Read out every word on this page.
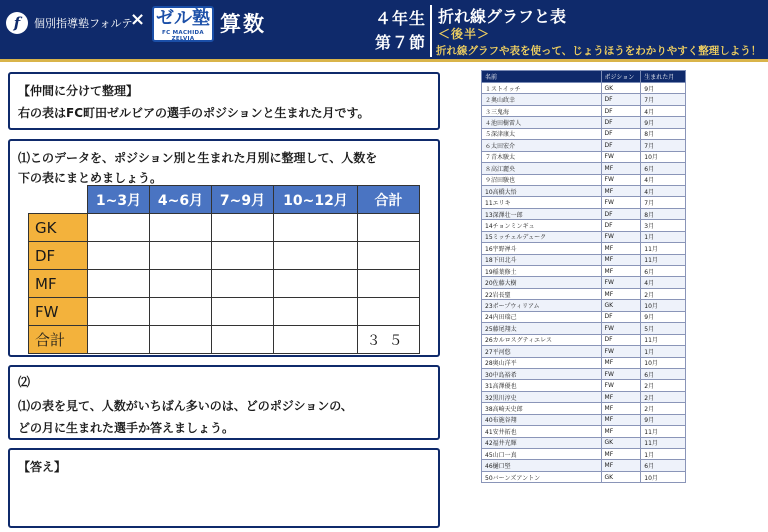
f	個別指導塾フォルテ
× ゼル塾
FC MACHIDA ZELVIA
算数	４年生
第７節
折れ線グラフと表
＜後半＞
折れ線グラフや表を使って、じょうほうをわかりやすく整理しよう！
【仲間に分けて整理】
右の表はFC町田ゼルビアの選手のポジションと生まれた月です。
⑴このデータを、ポジション別と生まれた月別に整理して、人数を
下の表にまとめましょう。
	1~3月	4~6月	7~9月	10~12月	合計
GK					
DF					
MF					
FW					
合計					３５
⑵
⑴の表を見て、人数がいちばん多いのは、どのポジションの、
どの月に生まれた選手か答えましょう。
【答え】
名前	ポジション	生まれた月
１ストイッチ	GK	9月
２奥山政幸	DF	7月
３三鬼海	DF	4月
４池田樹雷人	DF	9月
５深津康太	DF	8月
６太田宏介	DF	7月
７青木駿太	FW	10月
８高江麗央	MF	6月
９沼田駿也	FW	4月
10高橋大悟	MF	4月
11エリキ	FW	7月
13深澤壮一郎	DF	8月
14チョンミンギュ	DF	3月
15ミッチェルデューク	FW	1月
16宇野禅斗	MF	11月
18下田北斗	MF	11月
19稲葉修土	MF	6月
20佐藤大樹	FW	4月
22岩長聖	MF	2月
23ポープウィリアム	GK	10月
24内田瑞己	DF	9月
25藤尾翔太	FW	5月
26カルロスグティエレス	DF	11月
27平河悠	FW	1月
28奥山洋平	MF	10月
30中島裕希	FW	6月
31高澤優也	FW	2月
32黒川淳史	MF	2月
38高崎天史郎	MF	2月
40布施谷翔	MF	9月
41安井拓也	MF	11月
42福井光輝	GK	11月
45山口一真	MF	1月
46樋口堅	MF	6月
50バーンズアントン	GK	10月
